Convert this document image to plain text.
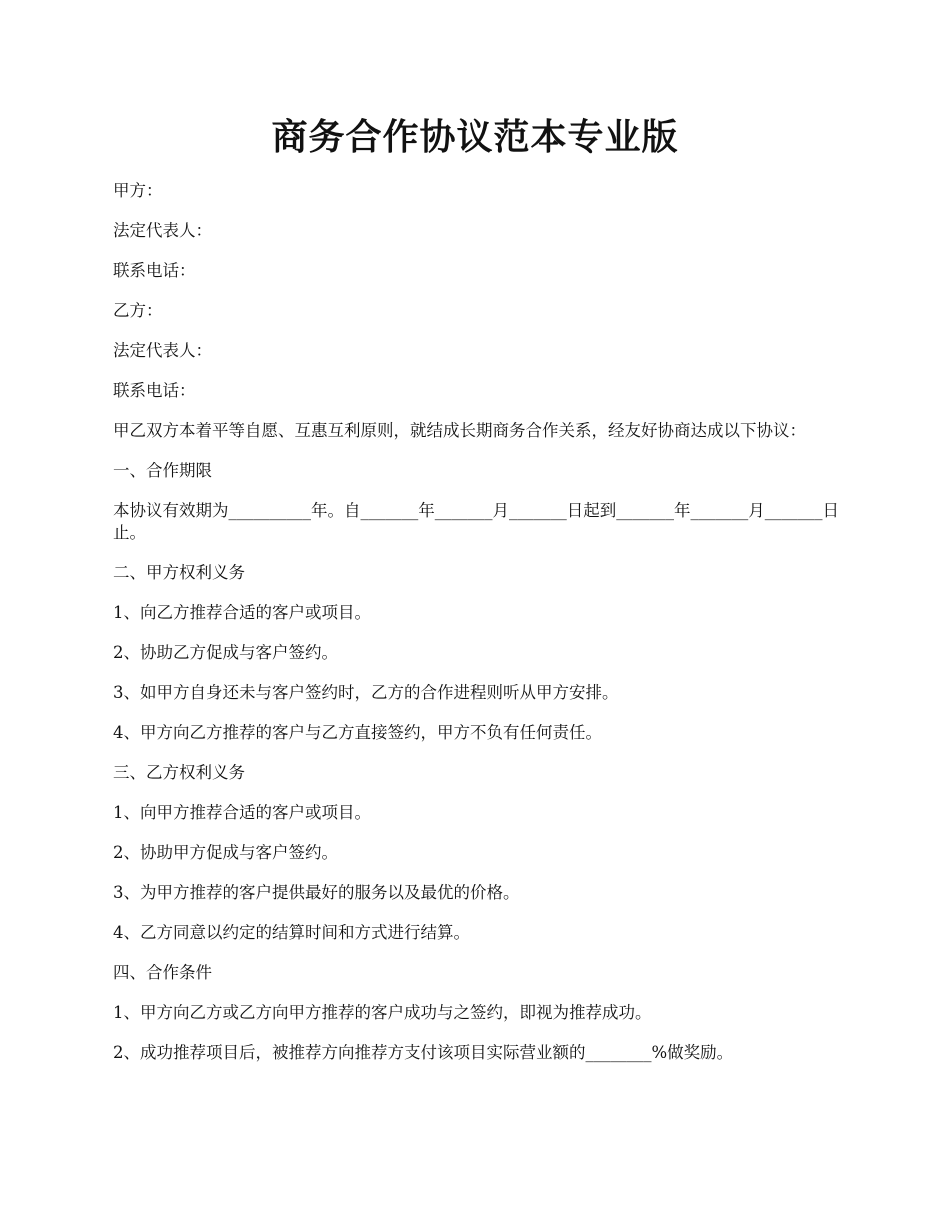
商务合作协议范本专业版

甲方：

法定代表人：

联系电话：

乙方：

法定代表人：

联系电话：

甲乙双方本着平等自愿、互惠互利原则，就结成长期商务合作关系，经友好协商达成以下协议：

一、合作期限

本协议有效期为__________年。自_______年_______月_______日起到_______年_______月_______日止。

二、甲方权利义务

1、向乙方推荐合适的客户或项目。

2、协助乙方促成与客户签约。

3、如甲方自身还未与客户签约时，乙方的合作进程则听从甲方安排。

4、甲方向乙方推荐的客户与乙方直接签约，甲方不负有任何责任。

三、乙方权利义务

1、向甲方推荐合适的客户或项目。

2、协助甲方促成与客户签约。

3、为甲方推荐的客户提供最好的服务以及最优的价格。

4、乙方同意以约定的结算时间和方式进行结算。

四、合作条件

1、甲方向乙方或乙方向甲方推荐的客户成功与之签约，即视为推荐成功。

2、成功推荐项目后，被推荐方向推荐方支付该项目实际营业额的________%做奖励。
